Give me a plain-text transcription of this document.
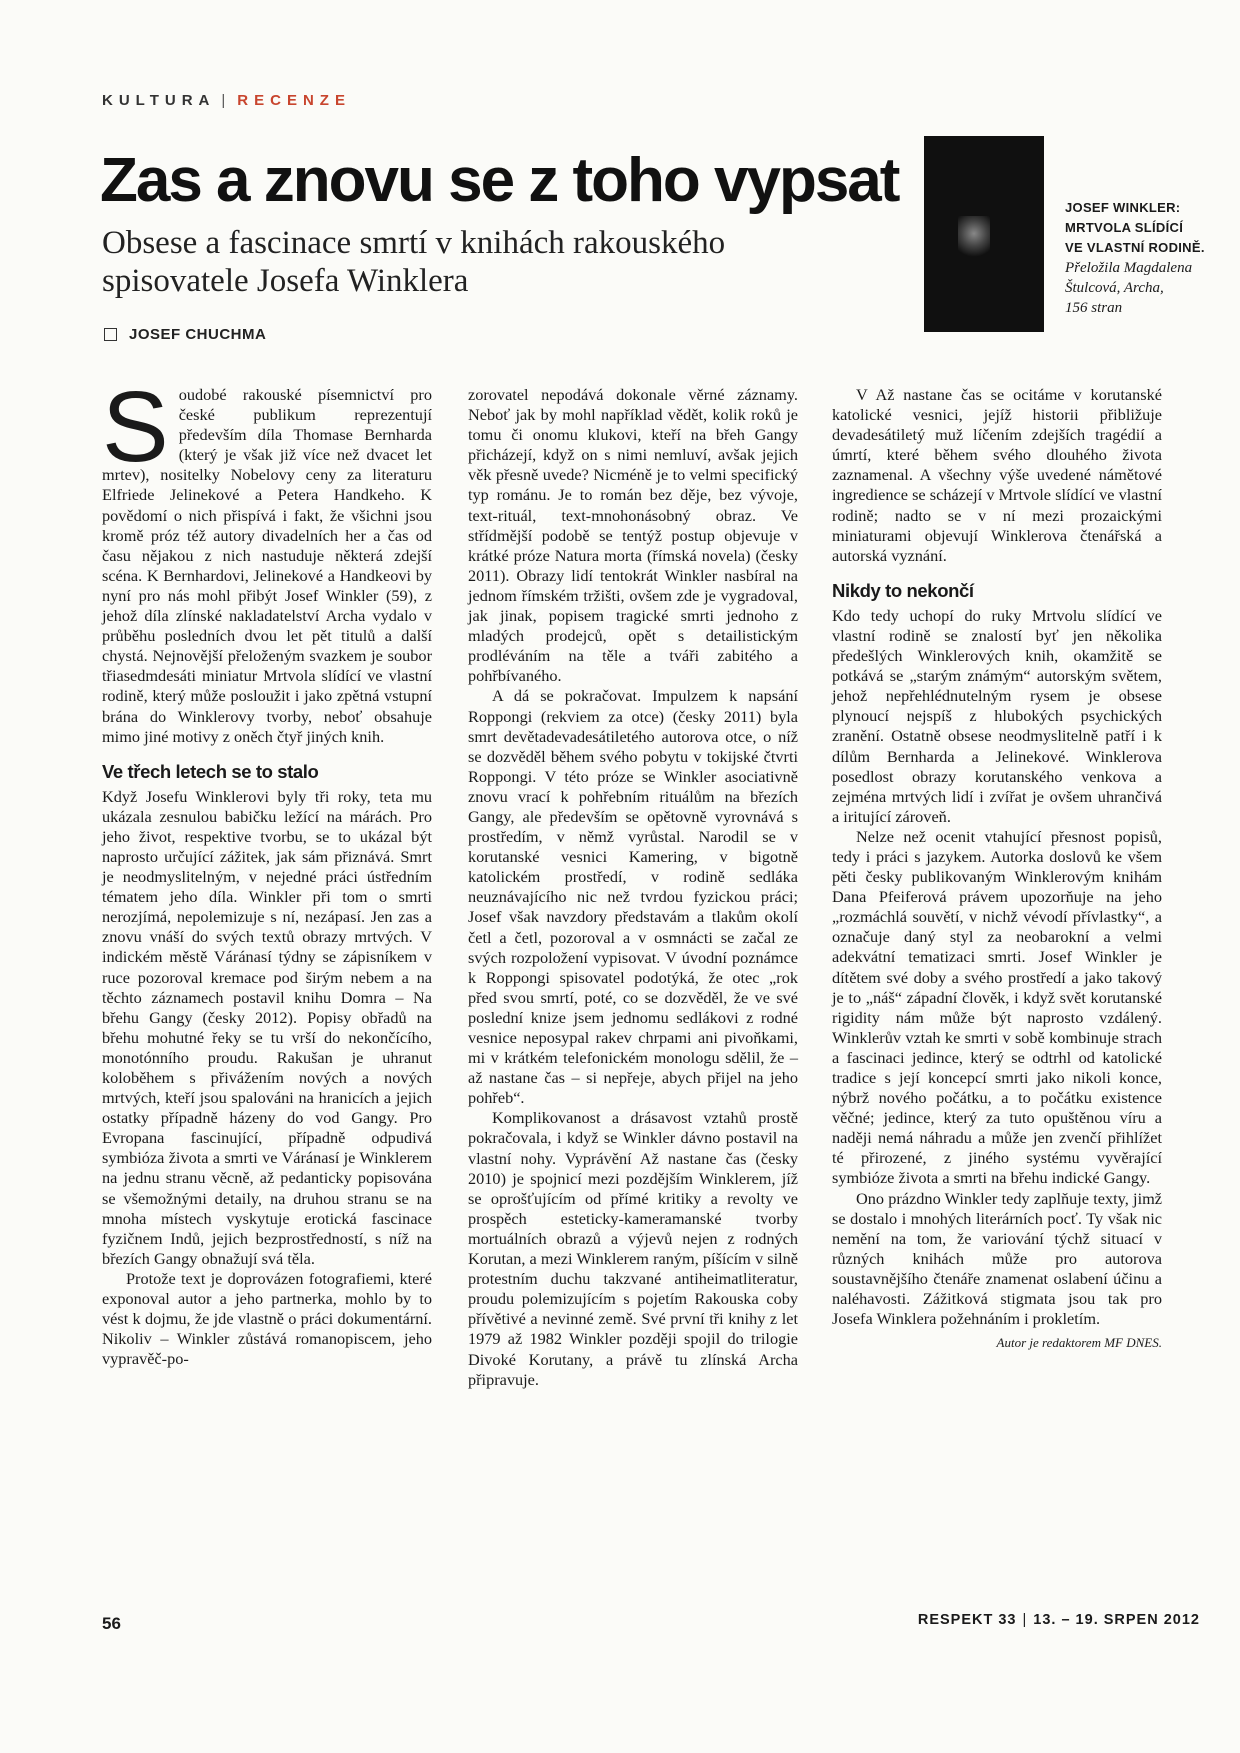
KULTURA | RECENZE
Zas a znovu se z toho vypsat
Obsese a fascinace smrtí v knihách rakouského spisovatele Josefa Winklera
JOSEF CHUCHMA
JOSEF WINKLER:
MRTVOLA SLÍDÍCÍ
VE VLASTNÍ RODINĚ.
Přeložila Magdalena
Štulcová, Archa,
156 stran

Soudobé rakouské písemnictví pro české publikum reprezentují především díla Thomase Bernharda (který je však již více než dvacet let mrtev), nositelky Nobelovy ceny za literaturu Elfriede Jelinekové a Petera Handkeho. K povědomí o nich přispívá i fakt, že všichni jsou kromě próz též autory divadelních her a čas od času nějakou z nich nastuduje některá zdejší scéna. K Bernhardovi, Jelinekové a Handkeovi by nyní pro nás mohl přibýt Josef Winkler (59), z jehož díla zlínské nakladatelství Archa vydalo v průběhu posledních dvou let pět titulů a další chystá. Nejnovější přeloženým svazkem je soubor třiasedmdesáti miniatur Mrtvola slídící ve vlastní rodině, který může posloužit i jako zpětná vstupní brána do Winklerovy tvorby, neboť obsahuje mimo jiné motivy z oněch čtyř jiných knih.

Ve třech letech se to stalo

Když Josefu Winklerovi byly tři roky, teta mu ukázala zesnulou babičku ležící na márách. Pro jeho život, respektive tvorbu, se to ukázal být naprosto určující zážitek, jak sám přiznává. Smrt je neodmyslitelným, v nejedné práci ústředním tématem jeho díla. Winkler při tom o smrti nerozjímá, nepolemizuje s ní, nezápasí. Jen zas a znovu vnáší do svých textů obrazy mrtvých. V indickém městě Váránasí týdny se zápisníkem v ruce pozoroval kremace pod širým nebem a na těchto záznamech postavil knihu Domra – Na břehu Gangy (česky 2012). Popisy obřadů na břehu mohutné řeky se tu vrší do nekončícího, monotónního proudu. Rakušan je uhranut koloběhem s přivážením nových a nových mrtvých, kteří jsou spalováni na hranicích a jejich ostatky případně házeny do vod Gangy. Pro Evropana fascinující, případně odpudivá symbióza života a smrti ve Váránasí je Winklerem na jednu stranu věcně, až pedanticky popisována se všemožnými detaily, na druhou stranu se na mnoha místech vyskytuje erotická fascinace fyzičnem Indů, jejich bezprostředností, s níž na březích Gangy obnažují svá těla.

Protože text je doprovázen fotografiemi, které exponoval autor a jeho partnerka, mohlo by to vést k dojmu, že jde vlastně o práci dokumentární. Nikoliv – Winkler zůstává romanopiscem, jeho vypravěč-po-

zorovatel nepodává dokonale věrné záznamy. Neboť jak by mohl například vědět, kolik roků je tomu či onomu klukovi, kteří na břeh Gangy přicházejí, když on s nimi nemluví, avšak jejich věk přesně uvede? Nicméně je to velmi specifický typ románu. Je to román bez děje, bez vývoje, text-rituál, text-mnohonásobný obraz. Ve střídmější podobě se tentýž postup objevuje v krátké próze Natura morta (římská novela) (česky 2011). Obrazy lidí tentokrát Winkler nasbíral na jednom římském tržišti, ovšem zde je vygradoval, jak jinak, popisem tragické smrti jednoho z mladých prodejců, opět s detailistickým prodléváním na těle a tváři zabitého a pohřbívaného.

A dá se pokračovat. Impulzem k napsání Roppongi (rekviem za otce) (česky 2011) byla smrt devětadevadesátiletého autorova otce, o níž se dozvěděl během svého pobytu v tokijské čtvrti Roppongi. V této próze se Winkler asociativně znovu vrací k pohřebním rituálům na březích Gangy, ale především se opětovně vyrovnává s prostředím, v němž vyrůstal. Narodil se v korutanské vesnici Kamering, v bigotně katolickém prostředí, v rodině sedláka neuznávajícího nic než tvrdou fyzickou práci; Josef však navzdory představám a tlakům okolí četl a četl, pozoroval a v osmnácti se začal ze svých rozpoložení vypisovat. V úvodní poznámce k Roppongi spisovatel podotýká, že otec „rok před svou smrtí, poté, co se dozvěděl, že ve své poslední knize jsem jednomu sedlákovi z rodné vesnice neposypal rakev chrpami ani pivoňkami, mi v krátkém telefonickém monologu sdělil, že – až nastane čas – si nepřeje, abych přijel na jeho pohřeb“.

Komplikovanost a drásavost vztahů prostě pokračovala, i když se Winkler dávno postavil na vlastní nohy. Vyprávění Až nastane čas (česky 2010) je spojnicí mezi pozdějším Winklerem, jíž se oprošťujícím od přímé kritiky a revolty ve prospěch esteticky-kameramanské tvorby mortuálních obrazů a výjevů nejen z rodných Korutan, a mezi Winklerem raným, píšícím v silně protestním duchu takzvané antiheimatliteratur, proudu polemizujícím s pojetím Rakouska coby přívětivé a nevinné země. Své první tři knihy z let 1979 až 1982 Winkler později spojil do trilogie Divoké Korutany, a právě tu zlínská Archa připravuje.

V Až nastane čas se ocitáme v korutanské katolické vesnici, jejíž historii přibližuje devadesátiletý muž líčením zdejších tragédií a úmrtí, které během svého dlouhého života zaznamenal. A všechny výše uvedené námětové ingredience se scházejí v Mrtvole slídící ve vlastní rodině; nadto se v ní mezi prozaickými miniaturami objevují Winklerova čtenářská a autorská vyznání.

Nikdy to nekončí

Kdo tedy uchopí do ruky Mrtvolu slídící ve vlastní rodině se znalostí byť jen několika předešlých Winklerových knih, okamžitě se potkává se „starým známým“ autorským světem, jehož nepřehlédnutelným rysem je obsese plynoucí nejspíš z hlubokých psychických zranění. Ostatně obsese neodmyslitelně patří i k dílům Bernharda a Jelinekové. Winklerova posedlost obrazy korutanského venkova a zejména mrtvých lidí i zvířat je ovšem uhrančivá a iritující zároveň.

Nelze než ocenit vtahující přesnost popisů, tedy i práci s jazykem. Autorka doslovů ke všem pěti česky publikovaným Winklerovým knihám Dana Pfeiferová právem upozorňuje na jeho „rozmáchlá souvětí, v nichž vévodí přívlastky“, a označuje daný styl za neobarokní a velmi adekvátní tematizaci smrti. Josef Winkler je dítětem své doby a svého prostředí a jako takový je to „náš“ západní člověk, i když svět korutanské rigidity nám může být naprosto vzdálený. Winklerův vztah ke smrti v sobě kombinuje strach a fascinaci jedince, který se odtrhl od katolické tradice s její koncepcí smrti jako nikoli konce, nýbrž nového počátku, a to počátku existence věčné; jedince, který za tuto opuštěnou víru a naději nemá náhradu a může jen zvenčí přihlížet té přirozené, z jiného systému vyvěrající symbióze života a smrti na břehu indické Gangy.

Ono prázdno Winkler tedy zaplňuje texty, jimž se dostalo i mnohých literárních pocť. Ty však nic nemění na tom, že variování týchž situací v různých knihách může pro autorova soustavnějšího čtenáře znamenat oslabení účinu a naléhavosti. Zážitková stigmata jsou tak pro Josefa Winklera požehnáním i prokletím.

Autor je redaktorem MF DNES.
56	RESPEKT 33 | 13. – 19. SRPEN 2012
